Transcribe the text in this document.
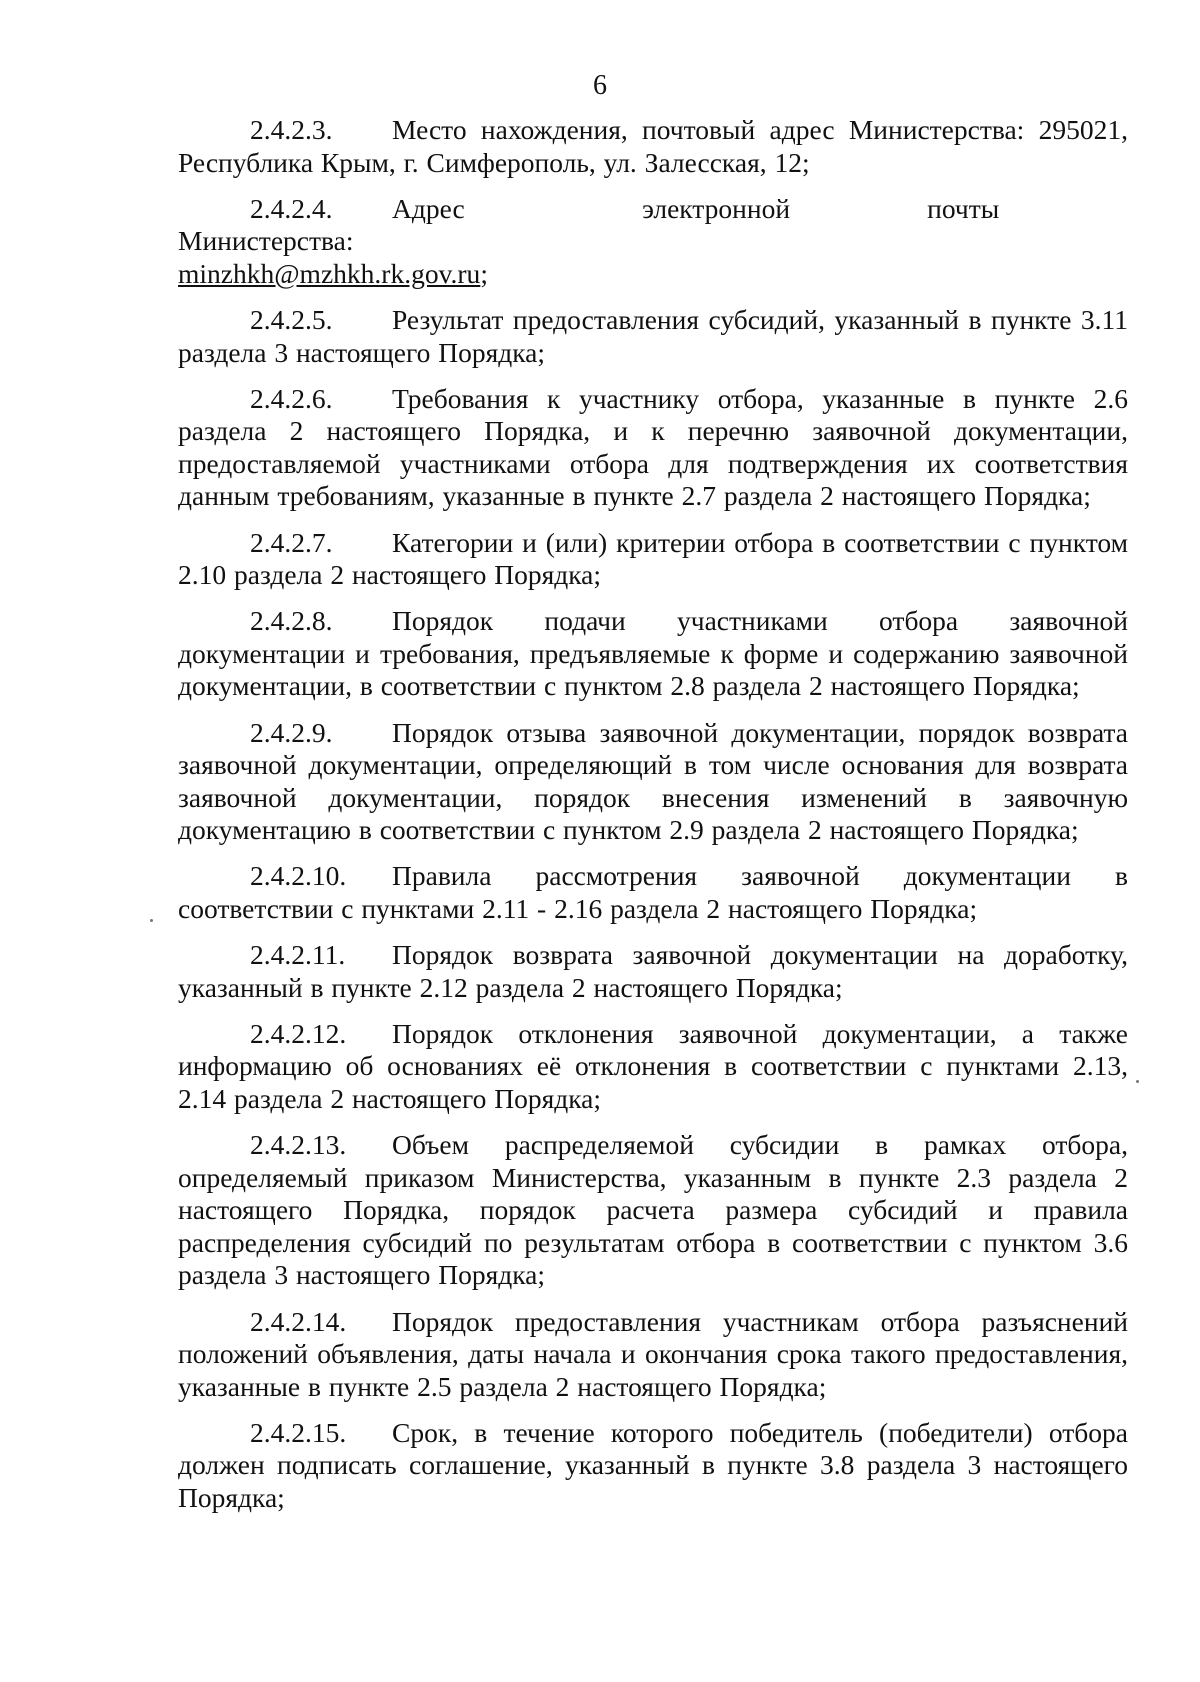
6

2.4.2.3. Место нахождения, почтовый адрес Министерства: 295021, Республика Крым, г. Симферополь, ул. Залесская, 12;

2.4.2.4. Адрес                      электронной                 почты                 Министерства:

minzhkh@mzhkh.rk.gov.ru;

2.4.2.5. Результат предоставления субсидий, указанный в пункте 3.11 раздела 3 настоящего Порядка;

2.4.2.6. Требования к участнику отбора, указанные в пункте 2.6 раздела 2 настоящего Порядка, и к перечню заявочной документации, предоставляемой участниками отбора для подтверждения их соответствия данным требованиям, указанные в пункте 2.7 раздела 2 настоящего Порядка;

2.4.2.7. Категории и (или) критерии отбора в соответствии с пунктом 2.10 раздела 2 настоящего Порядка;

2.4.2.8. Порядок подачи участниками отбора заявочной документации и требования, предъявляемые к форме и содержанию заявочной документации, в соответствии с пунктом 2.8 раздела 2 настоящего Порядка;

2.4.2.9. Порядок отзыва заявочной документации, порядок возврата заявочной документации, определяющий в том числе основания для возврата заявочной документации, порядок внесения изменений в заявочную документацию в соответствии с пунктом 2.9 раздела 2 настоящего Порядка;

2.4.2.10. Правила рассмотрения заявочной документации в соответствии с пунктами 2.11 - 2.16 раздела 2 настоящего Порядка;

2.4.2.11. Порядок возврата заявочной документации на доработку, указанный в пункте 2.12 раздела 2 настоящего Порядка;

2.4.2.12. Порядок отклонения заявочной документации, а также информацию об основаниях её отклонения в соответствии с пунктами 2.13, 2.14 раздела 2 настоящего Порядка;

2.4.2.13. Объем распределяемой субсидии в рамках отбора, определяемый приказом Министерства, указанным в пункте 2.3 раздела 2 настоящего Порядка, порядок расчета размера субсидий и правила распределения субсидий по результатам отбора в соответствии с пунктом 3.6 раздела 3 настоящего Порядка;

2.4.2.14. Порядок предоставления участникам отбора разъяснений положений объявления, даты начала и окончания срока такого предоставления, указанные в пункте 2.5 раздела 2 настоящего Порядка;

2.4.2.15. Срок, в течение которого победитель (победители) отбора должен подписать соглашение, указанный в пункте 3.8 раздела 3 настоящего Порядка;
